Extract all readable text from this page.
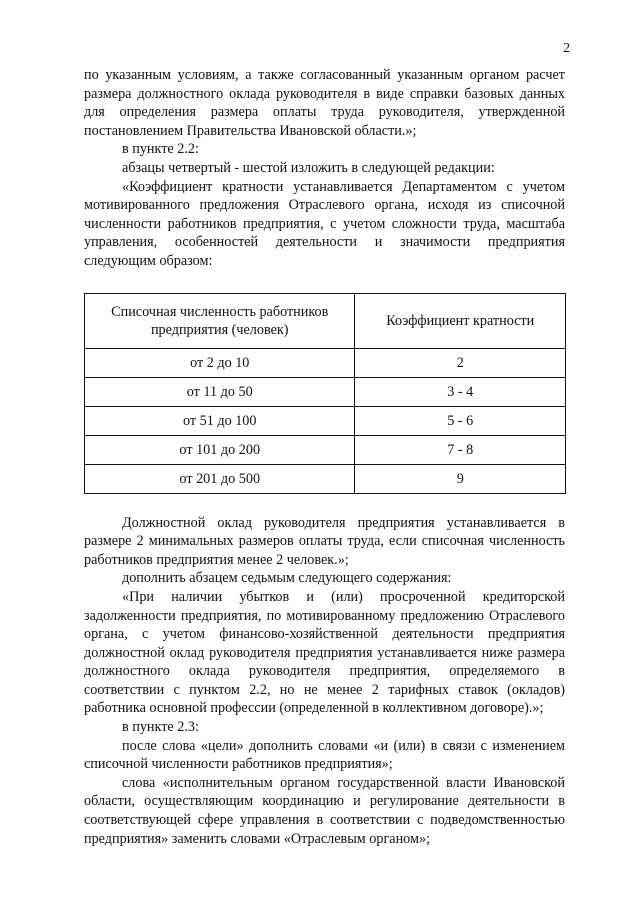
2

по указанным условиям, а также согласованный указанным органом расчет размера должностного оклада руководителя в виде справки базовых данных для определения размера оплаты труда руководителя, утвержденной постановлением Правительства Ивановской области.»;

в пункте 2.2:

абзацы четвертый - шестой изложить в следующей редакции:

«Коэффициент кратности устанавливается Департаментом с учетом мотивированного предложения Отраслевого органа, исходя из списочной численности работников предприятия, с учетом сложности труда, масштаба управления, особенностей деятельности и значимости предприятия следующим образом:

Списочная численность работников предприятия (человек)	Коэффициент кратности
от 2 до 10	2
от 11 до 50	3 - 4
от 51 до 100	5 - 6
от 101 до 200	7 - 8
от 201 до 500	9

Должностной оклад руководителя предприятия устанавливается в размере 2 минимальных размеров оплаты труда, если списочная численность работников предприятия менее 2 человек.»;

дополнить абзацем седьмым следующего содержания:

«При наличии убытков и (или) просроченной кредиторской задолженности предприятия, по мотивированному предложению Отраслевого органа, с учетом финансово-хозяйственной деятельности предприятия должностной оклад руководителя предприятия устанавливается ниже размера должностного оклада руководителя предприятия, определяемого в соответствии с пунктом 2.2, но не менее 2 тарифных ставок (окладов) работника основной профессии (определенной в коллективном договоре).»;

в пункте 2.3:

после слова «цели» дополнить словами «и (или) в связи с изменением списочной численности работников предприятия»;

слова «исполнительным органом государственной власти Ивановской области, осуществляющим координацию и регулирование деятельности в соответствующей сфере управления в соответствии с подведомственностью предприятия» заменить словами «Отраслевым органом»;
